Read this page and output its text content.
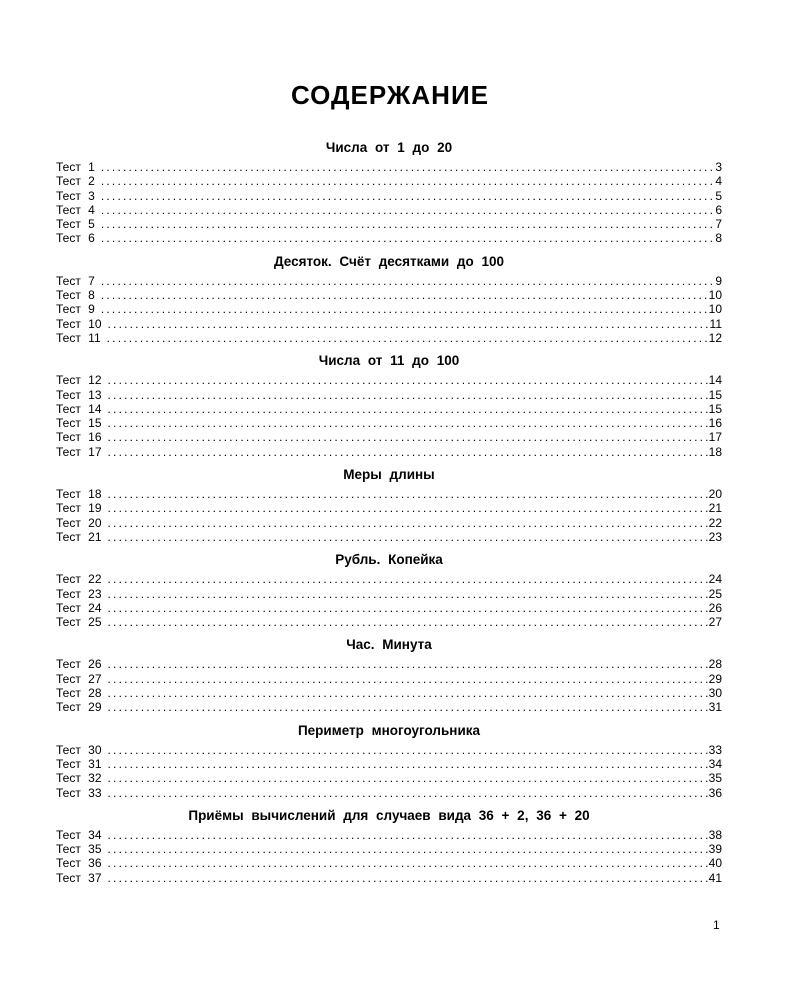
СОДЕРЖАНИЕ
Числа от 1 до 20
Тест 1 .....	3
Тест 2 .....	4
Тест 3 .....	5
Тест 4 .....	6
Тест 5 .....	7
Тест 6 .....	8
Десяток. Счёт десятками до 100
Тест 7 .....	9
Тест 8 .....	10
Тест 9 .....	10
Тест 10 .....	11
Тест 11 .....	12
Числа от 11 до 100
Тест 12 .....	14
Тест 13 .....	15
Тест 14 .....	15
Тест 15 .....	16
Тест 16 .....	17
Тест 17 .....	18
Меры длины
Тест 18 .....	20
Тест 19 .....	21
Тест 20 .....	22
Тест 21 .....	23
Рубль. Копейка
Тест 22 .....	24
Тест 23 .....	25
Тест 24 .....	26
Тест 25 .....	27
Час. Минута
Тест 26 .....	28
Тест 27 .....	29
Тест 28 .....	30
Тест 29 .....	31
Периметр многоугольника
Тест 30 .....	33
Тест 31 .....	34
Тест 32 .....	35
Тест 33 .....	36
Приёмы вычислений для случаев вида 36 + 2, 36 + 20
Тест 34 .....	38
Тест 35 .....	39
Тест 36 .....	40
Тест 37 .....	41
1
